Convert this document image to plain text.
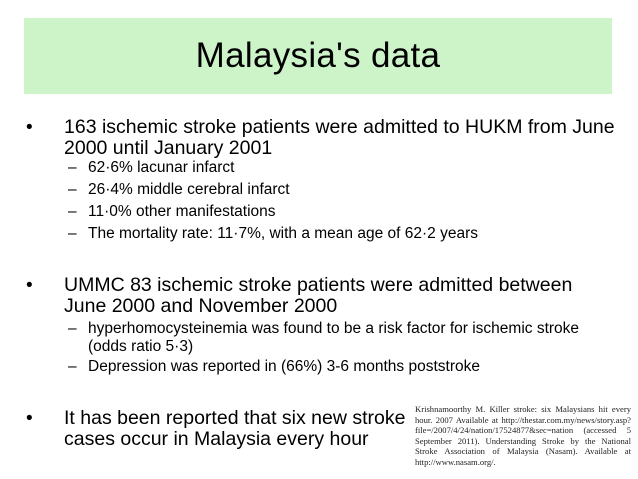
Malaysia's data
• 163 ischemic stroke patients were admitted to HUKM from June 2000 until January 2001
– 62·6% lacunar infarct
– 26·4% middle cerebral infarct
– 11·0% other manifestations
– The mortality rate: 11·7%, with a mean age of 62·2 years
• UMMC 83 ischemic stroke patients were admitted between June 2000 and November 2000
– hyperhomocysteinemia was found to be a risk factor for ischemic stroke (odds ratio 5·3)
– Depression was reported in (66%) 3-6 months poststroke
• It has been reported that six new stroke cases occur in Malaysia every hour
Krishnamoorthy M. Killer stroke: six Malaysians hit every hour. 2007 Available at http://thestar.com.my/news/story.asp?file=/2007/4/24/nation/17524877&sec=nation (accessed 5 September 2011). Understanding Stroke by the National Stroke Association of Malaysia (Nasam). Available at http://www.nasam.org/.
